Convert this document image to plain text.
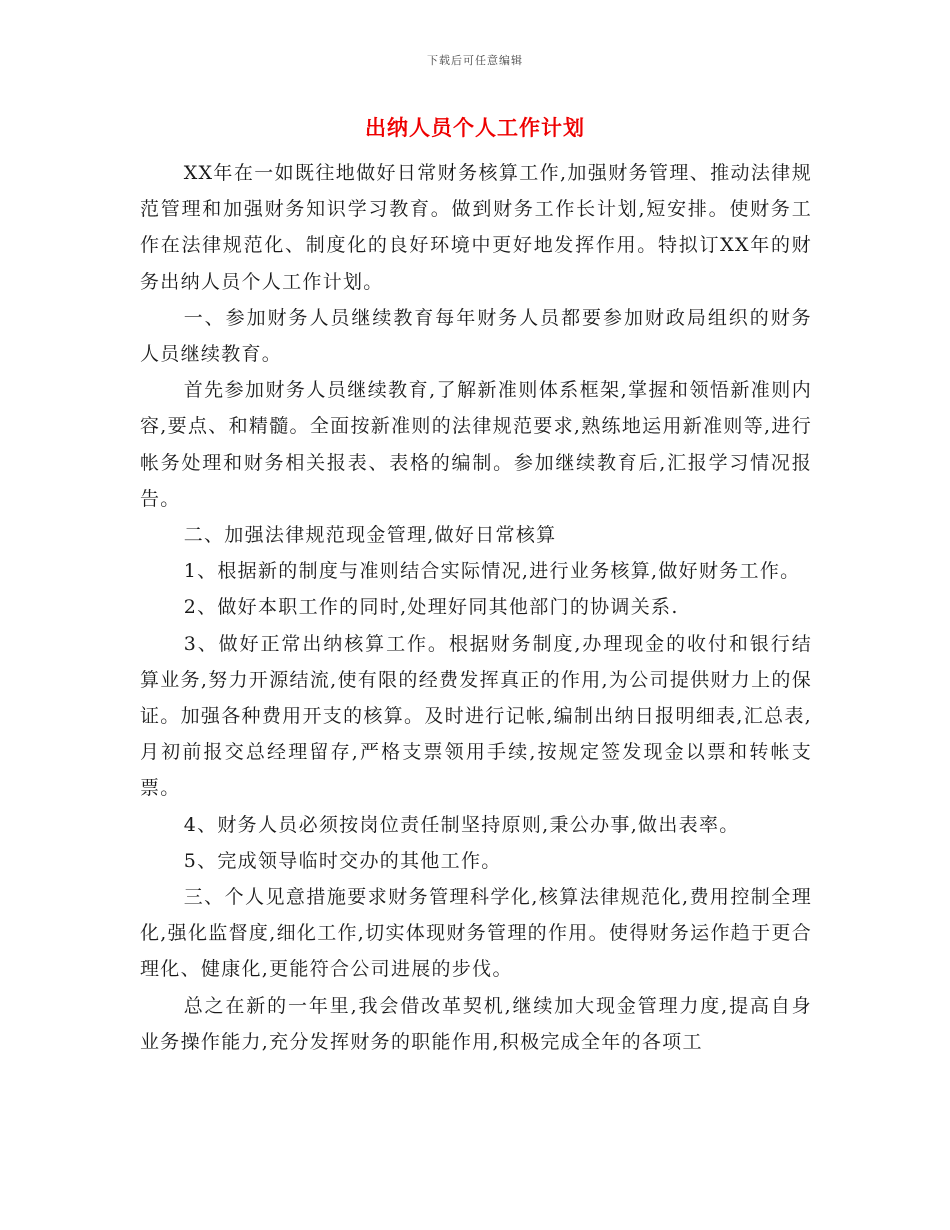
下载后可任意编辑
出纳人员个人工作计划

XX年在一如既往地做好日常财务核算工作,加强财务管理、推动法律规范管理和加强财务知识学习教育。做到财务工作长计划,短安排。使财务工作在法律规范化、制度化的良好环境中更好地发挥作用。特拟订XX年的财务出纳人员个人工作计划。

一、参加财务人员继续教育每年财务人员都要参加财政局组织的财务人员继续教育。

首先参加财务人员继续教育,了解新准则体系框架,掌握和领悟新准则内容,要点、和精髓。全面按新准则的法律规范要求,熟练地运用新准则等,进行帐务处理和财务相关报表、表格的编制。参加继续教育后,汇报学习情况报告。

二、加强法律规范现金管理,做好日常核算

1、根据新的制度与准则结合实际情况,进行业务核算,做好财务工作。

2、做好本职工作的同时,处理好同其他部门的协调关系.

3、做好正常出纳核算工作。根据财务制度,办理现金的收付和银行结算业务,努力开源结流,使有限的经费发挥真正的作用,为公司提供财力上的保证。加强各种费用开支的核算。及时进行记帐,编制出纳日报明细表,汇总表,月初前报交总经理留存,严格支票领用手续,按规定签发现金以票和转帐支票。

4、财务人员必须按岗位责任制坚持原则,秉公办事,做出表率。

5、完成领导临时交办的其他工作。

三、个人见意措施要求财务管理科学化,核算法律规范化,费用控制全理化,强化监督度,细化工作,切实体现财务管理的作用。使得财务运作趋于更合理化、健康化,更能符合公司进展的步伐。

总之在新的一年里,我会借改革契机,继续加大现金管理力度,提高自身业务操作能力,充分发挥财务的职能作用,积极完成全年的各项工
